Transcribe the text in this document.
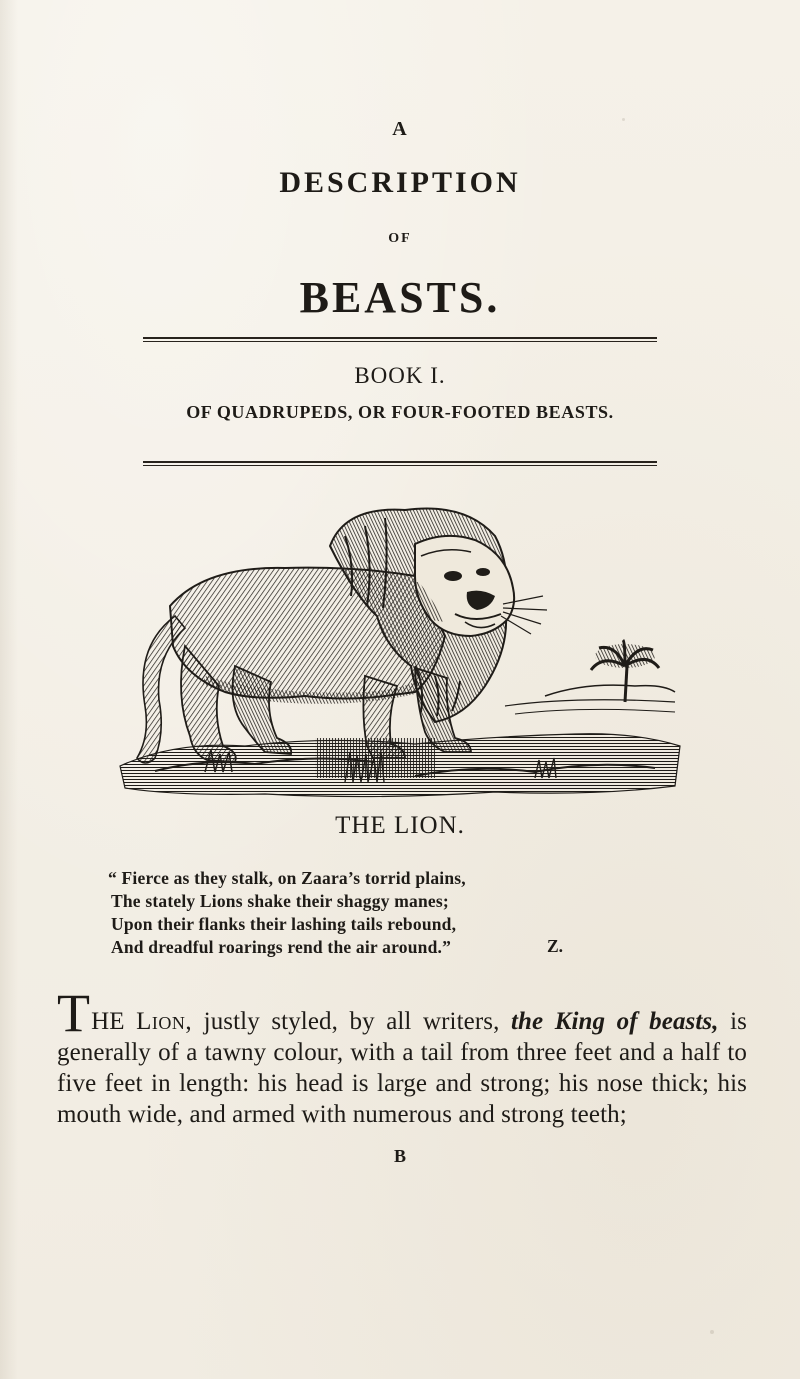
A
DESCRIPTION
OF
BEASTS.
BOOK I.
OF QUADRUPEDS, OR FOUR-FOOTED BEASTS.
THE LION.
“ Fierce as they stalk, on Zaara’s torrid plains,
The stately Lions shake their shaggy manes;
Upon their flanks their lashing tails rebound,
And dreadful roarings rend the air around.”	Z.
THE Lion, justly styled, by all writers, the King of beasts, is generally of a tawny colour, with a tail from three feet and a half to five feet in length: his head is large and strong; his nose thick; his mouth wide, and armed with numerous and strong teeth;
B
